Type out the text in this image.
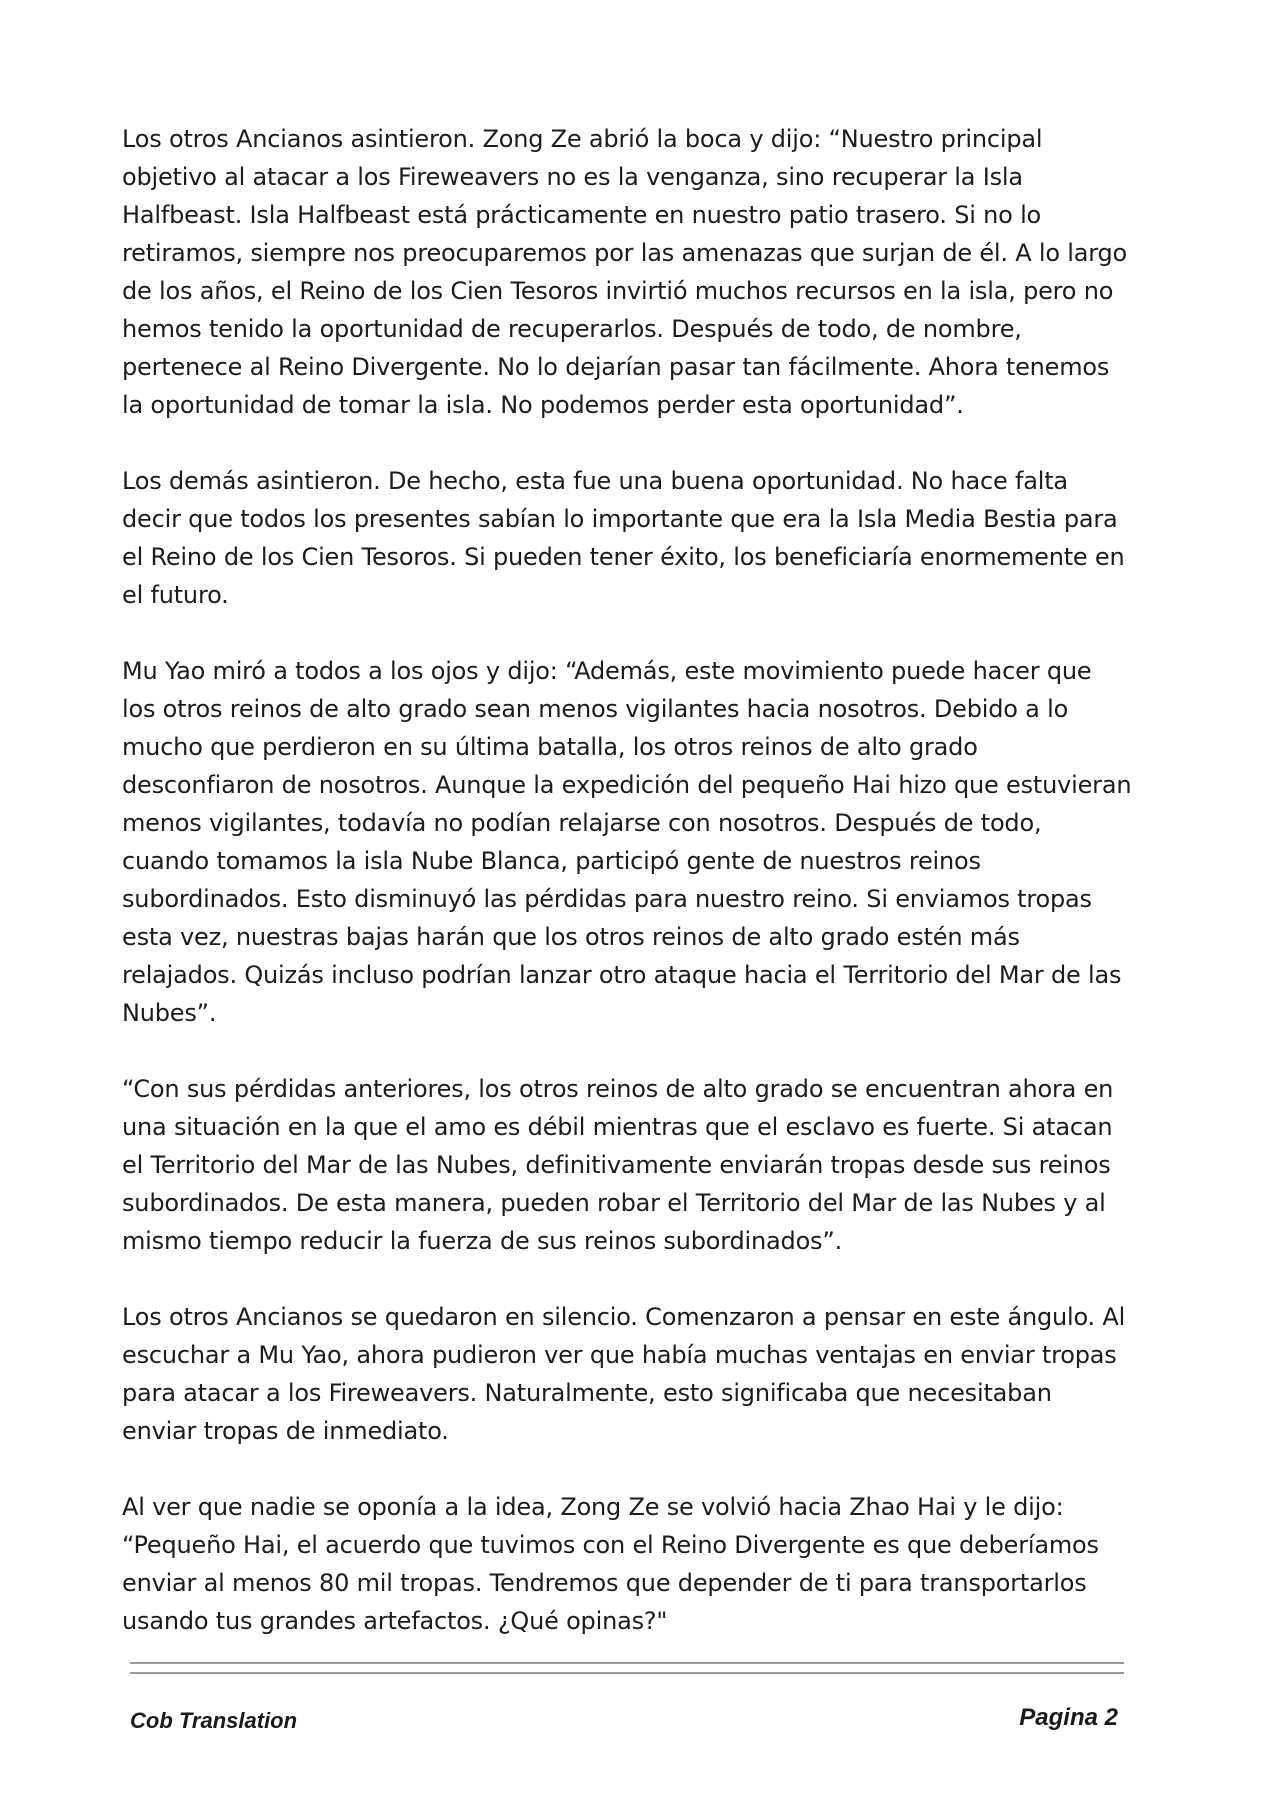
Los otros Ancianos asintieron. Zong Ze abrió la boca y dijo: “Nuestro principal objetivo al atacar a los Fireweavers no es la venganza, sino recuperar la Isla Halfbeast. Isla Halfbeast está prácticamente en nuestro patio trasero. Si no lo retiramos, siempre nos preocuparemos por las amenazas que surjan de él. A lo largo de los años, el Reino de los Cien Tesoros invirtió muchos recursos en la isla, pero no hemos tenido la oportunidad de recuperarlos. Después de todo, de nombre, pertenece al Reino Divergente. No lo dejarían pasar tan fácilmente. Ahora tenemos la oportunidad de tomar la isla. No podemos perder esta oportunidad”.

Los demás asintieron. De hecho, esta fue una buena oportunidad. No hace falta decir que todos los presentes sabían lo importante que era la Isla Media Bestia para el Reino de los Cien Tesoros. Si pueden tener éxito, los beneficiaría enormemente en el futuro.

Mu Yao miró a todos a los ojos y dijo: “Además, este movimiento puede hacer que los otros reinos de alto grado sean menos vigilantes hacia nosotros. Debido a lo mucho que perdieron en su última batalla, los otros reinos de alto grado desconfiaron de nosotros. Aunque la expedición del pequeño Hai hizo que estuvieran menos vigilantes, todavía no podían relajarse con nosotros. Después de todo, cuando tomamos la isla Nube Blanca, participó gente de nuestros reinos subordinados. Esto disminuyó las pérdidas para nuestro reino. Si enviamos tropas esta vez, nuestras bajas harán que los otros reinos de alto grado estén más relajados. Quizás incluso podrían lanzar otro ataque hacia el Territorio del Mar de las Nubes”.

“Con sus pérdidas anteriores, los otros reinos de alto grado se encuentran ahora en una situación en la que el amo es débil mientras que el esclavo es fuerte. Si atacan el Territorio del Mar de las Nubes, definitivamente enviarán tropas desde sus reinos subordinados. De esta manera, pueden robar el Territorio del Mar de las Nubes y al mismo tiempo reducir la fuerza de sus reinos subordinados”.

Los otros Ancianos se quedaron en silencio. Comenzaron a pensar en este ángulo. Al escuchar a Mu Yao, ahora pudieron ver que había muchas ventajas en enviar tropas para atacar a los Fireweavers. Naturalmente, esto significaba que necesitaban enviar tropas de inmediato.

Al ver que nadie se oponía a la idea, Zong Ze se volvió hacia Zhao Hai y le dijo: “Pequeño Hai, el acuerdo que tuvimos con el Reino Divergente es que deberíamos enviar al menos 80 mil tropas. Tendremos que depender de ti para transportarlos usando tus grandes artefactos. ¿Qué opinas?"

Cob Translation	Pagina 2
